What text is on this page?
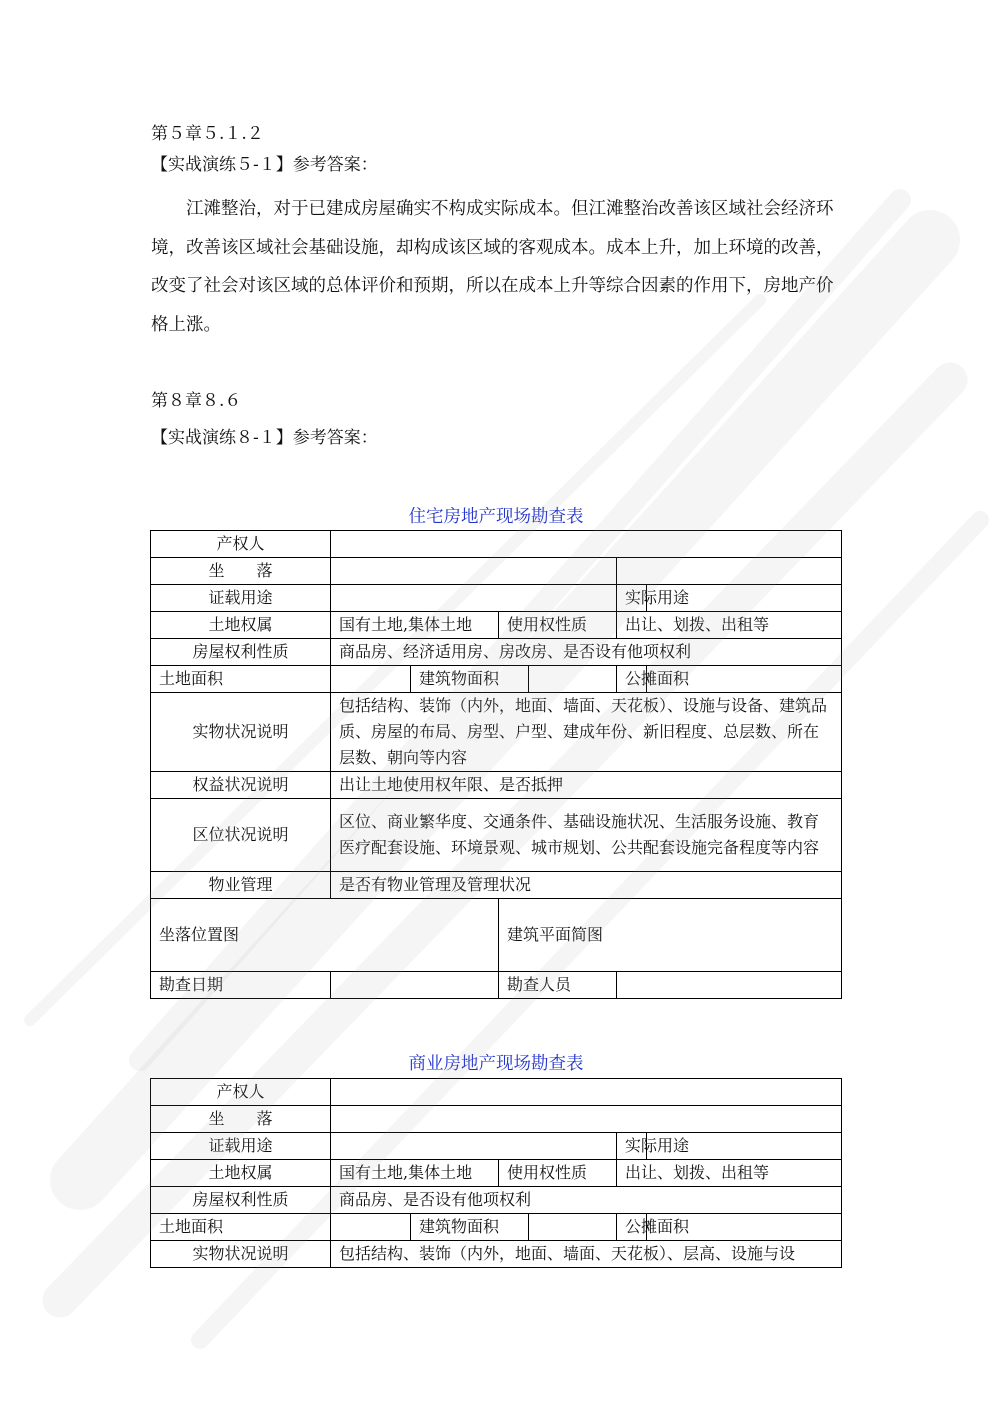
第５章５.１.２
【实战演练５-１】参考答案：
江滩整治，对于已建成房屋确实不构成实际成本。但江滩整治改善该区域社会经济环境，改善该区域社会基础设施，却构成该区域的客观成本。成本上升，加上环境的改善，改变了社会对该区域的总体评价和预期，所以在成本上升等综合因素的作用下，房地产价格上涨。
第８章８.６
【实战演练８-１】参考答案：
住宅房地产现场勘查表
产权人						
坐　　落						
证载用途					实际用途	
土地权属	国有土地,集体土地		使用权性质		出让、划拨、出租等	
房屋权利性质	商品房、经济适用房、房改房、是否设有他项权利					
土地面积		建筑物面积			公摊面积	
实物状况说明	包括结构、装饰（内外，地面、墙面、天花板）、设施与设备、建筑品质、房屋的布局、房型、户型、建成年份、新旧程度、总层数、所在层数、朝向等内容					
权益状况说明	出让土地使用权年限、是否抵押					
区位状况说明	区位、商业繁华度、交通条件、基础设施状况、生活服务设施、教育医疗配套设施、环境景观、城市规划、公共配套设施完备程度等内容					
物业管理	是否有物业管理及管理状况					
坐落位置图			建筑平面简图			
勘查日期			勘查人员			
商业房地产现场勘查表
产权人						
坐　　落						
证载用途					实际用途	
土地权属	国有土地,集体土地		使用权性质		出让、划拨、出租等	
房屋权利性质	商品房、是否设有他项权利					
土地面积		建筑物面积			公摊面积	
实物状况说明	包括结构、装饰（内外，地面、墙面、天花板）、层高、设施与设					
